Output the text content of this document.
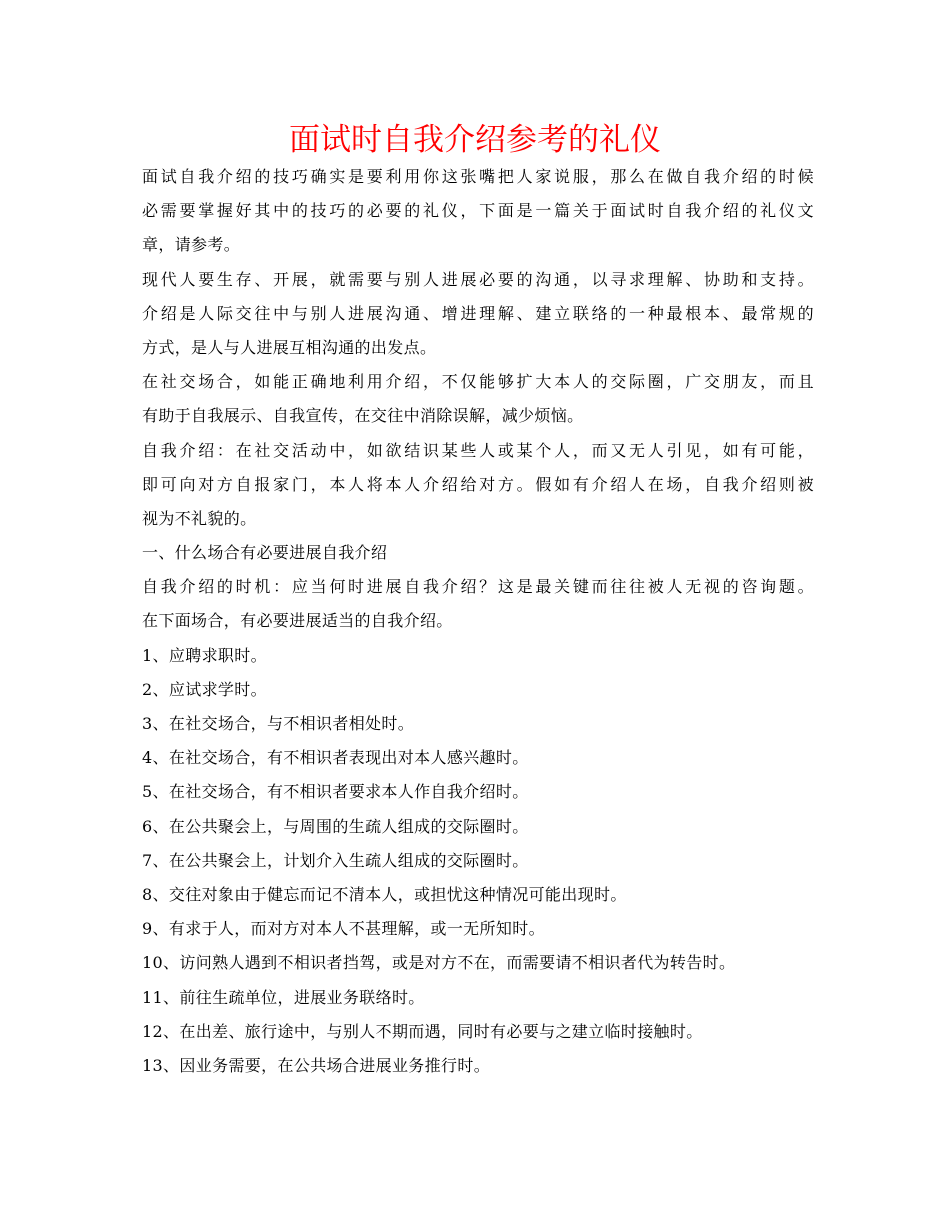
面试时自我介绍参考的礼仪
面试自我介绍的技巧确实是要利用你这张嘴把人家说服，那么在做自我介绍的时候
必需要掌握好其中的技巧的必要的礼仪，下面是一篇关于面试时自我介绍的礼仪文
章，请参考。
现代人要生存、开展，就需要与别人进展必要的沟通，以寻求理解、协助和支持。
介绍是人际交往中与别人进展沟通、增进理解、建立联络的一种最根本、最常规的
方式，是人与人进展互相沟通的出发点。
在社交场合，如能正确地利用介绍，不仅能够扩大本人的交际圈，广交朋友，而且
有助于自我展示、自我宣传，在交往中消除误解，减少烦恼。
自我介绍：在社交活动中，如欲结识某些人或某个人，而又无人引见，如有可能，
即可向对方自报家门，本人将本人介绍给对方。假如有介绍人在场，自我介绍则被
视为不礼貌的。
一、什么场合有必要进展自我介绍
自我介绍的时机：应当何时进展自我介绍？这是最关键而往往被人无视的咨询题。
在下面场合，有必要进展适当的自我介绍。
1、应聘求职时。
2、应试求学时。
3、在社交场合，与不相识者相处时。
4、在社交场合，有不相识者表现出对本人感兴趣时。
5、在社交场合，有不相识者要求本人作自我介绍时。
6、在公共聚会上，与周围的生疏人组成的交际圈时。
7、在公共聚会上，计划介入生疏人组成的交际圈时。
8、交往对象由于健忘而记不清本人，或担忧这种情况可能出现时。
9、有求于人，而对方对本人不甚理解，或一无所知时。
10、访问熟人遇到不相识者挡驾，或是对方不在，而需要请不相识者代为转告时。
11、前往生疏单位，进展业务联络时。
12、在出差、旅行途中，与别人不期而遇，同时有必要与之建立临时接触时。
13、因业务需要，在公共场合进展业务推行时。
